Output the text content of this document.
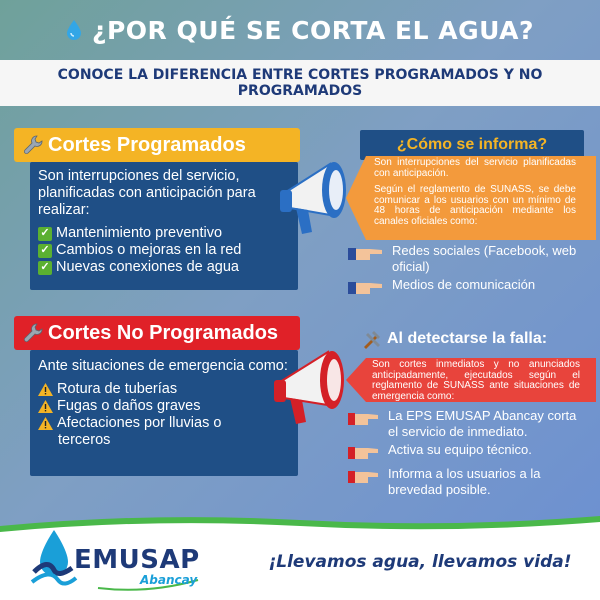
¿POR QUÉ SE CORTA EL AGUA?
CONOCE LA DIFERENCIA ENTRE CORTES PROGRAMADOS Y NO PROGRAMADOS
Cortes Programados
Son interrupciones del servicio, planificadas con anticipación para realizar:
✓ Mantenimiento preventivo
✓ Cambios o mejoras en la red
✓ Nuevas conexiones de agua
¿Cómo se informa?

Son interrupciones del servicio planificadas con anticipación.

Según el reglamento de SUNASS, se debe comunicar a los usuarios con un mínimo de 48 horas de anticipación mediante los canales oficiales como:

Redes sociales (Facebook, web oficial)
Medios de comunicación
Cortes No Programados
Ante situaciones de emergencia como:
Rotura de tuberías
Fugas o daños graves
Afectaciones por lluvias o
terceros
Al detectarse la falla:
Son cortes inmediatos y no anunciados anticipadamente, ejecutados según el reglamento de SUNASS ante situaciones de emergencia como:
La EPS EMUSAP Abancay corta el servicio de inmediato.
Activa su equipo técnico.
Informa a los usuarios a la brevedad posible.
EMUSAP
Abancay
¡Llevamos agua, llevamos vida!
